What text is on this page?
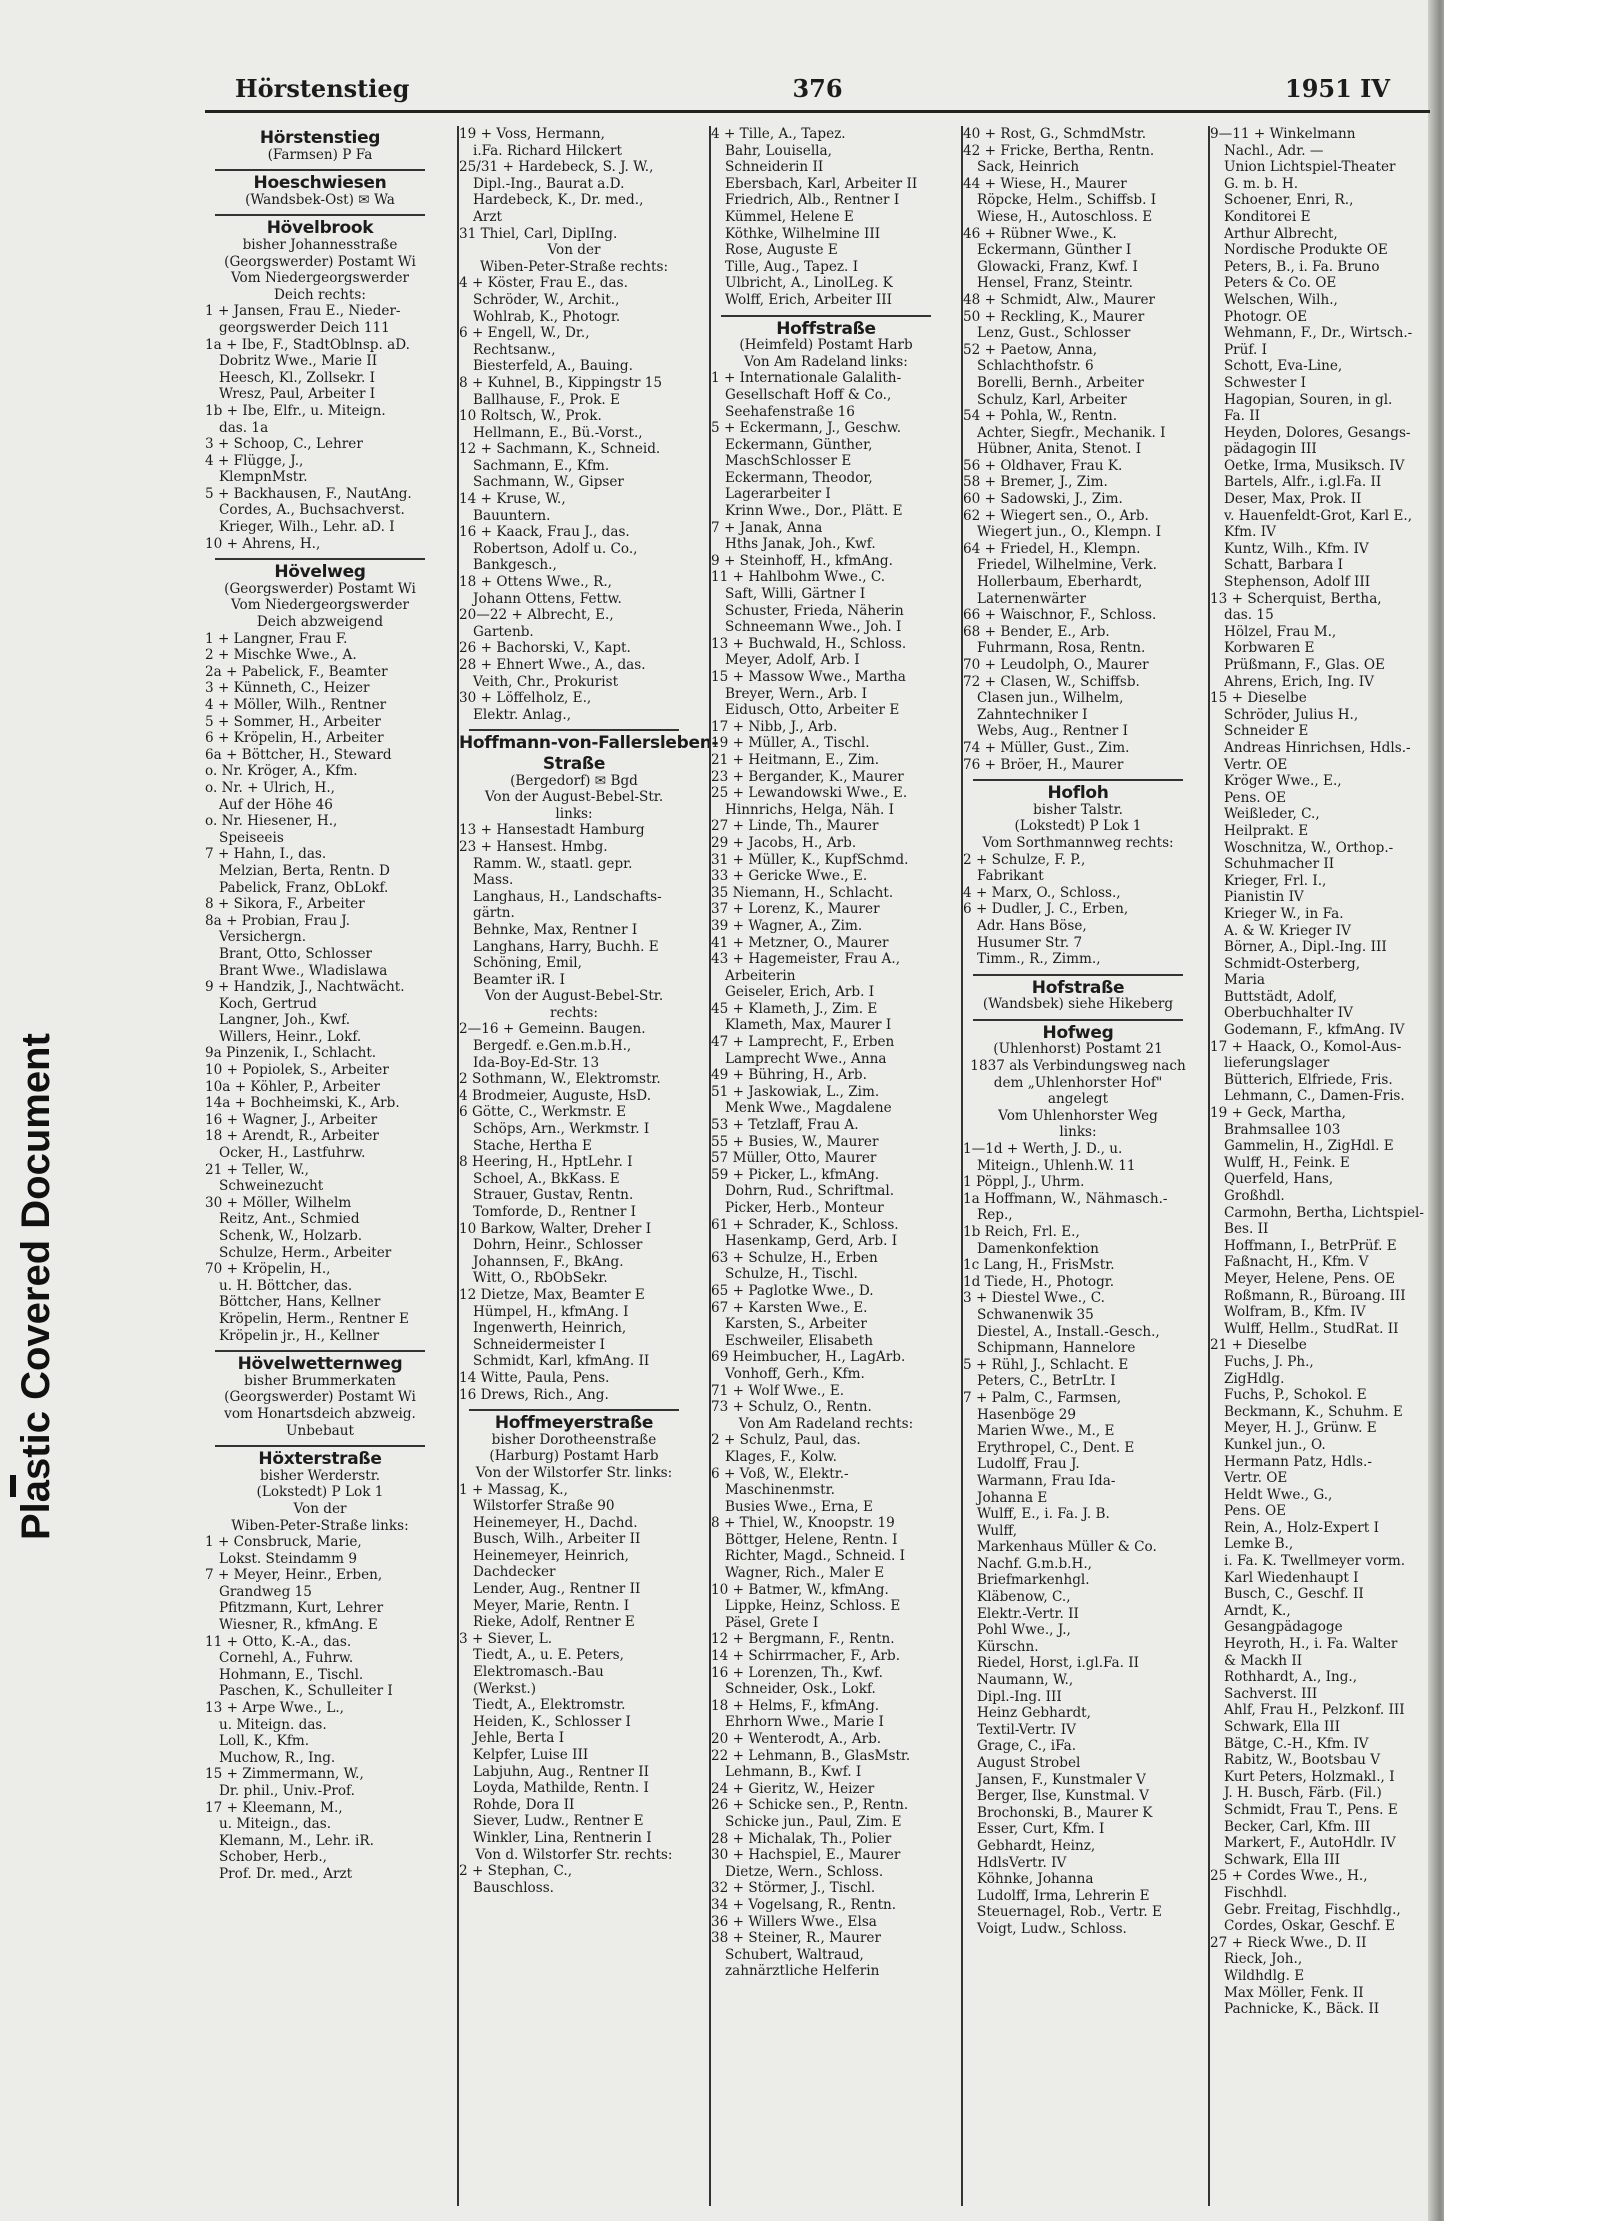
Plastic Covered Document
Hörstenstieg	376	1951 IV
Hörstenstieg
(Farmsen) P Fa
Hoeschwiesen
(Wandsbek-Ost) ✉ Wa
Hövelbrook
bisher Johannesstraße
(Georgswerder) Postamt Wi
Vom Niedergeorgswerder
Deich rechts:
1 + Jansen, Frau E., Nieder-
georgswerder Deich 111
1a + Ibe, F., StadtOblnsp. aD.
Dobritz Wwe., Marie II
Heesch, Kl., Zollsekr. I
Wresz, Paul, Arbeiter I
1b + Ibe, Elfr., u. Miteign.
das. 1a
3 + Schoop, C., Lehrer
4 + Flügge, J.,
KlempnMstr.
5 + Backhausen, F., NautAng.
Cordes, A., Buchsachverst.
Krieger, Wilh., Lehr. aD. I
10 + Ahrens, H.,
Hövelweg
(Georgswerder) Postamt Wi
Vom Niedergeorgswerder
Deich abzweigend
1 + Langner, Frau F.
2 + Mischke Wwe., A.
2a + Pabelick, F., Beamter
3 + Künneth, C., Heizer
4 + Möller, Wilh., Rentner
5 + Sommer, H., Arbeiter
6 + Kröpelin, H., Arbeiter
6a + Böttcher, H., Steward
o. Nr. Kröger, A., Kfm.
o. Nr. + Ulrich, H.,
Auf der Höhe 46
o. Nr. Hiesener, H.,
Speiseeis
7 + Hahn, I., das.
Melzian, Berta, Rentn. D
Pabelick, Franz, ObLokf.
8 + Sikora, F., Arbeiter
8a + Probian, Frau J.
Versichergn.
Brant, Otto, Schlosser
Brant Wwe., Wladislawa
9 + Handzik, J., Nachtwächt.
Koch, Gertrud
Langner, Joh., Kwf.
Willers, Heinr., Lokf.
9a Pinzenik, I., Schlacht.
10 + Popiolek, S., Arbeiter
10a + Köhler, P., Arbeiter
14a + Bochheimski, K., Arb.
16 + Wagner, J., Arbeiter
18 + Arendt, R., Arbeiter
Ocker, H., Lastfuhrw.
21 + Teller, W.,
Schweinezucht
30 + Möller, Wilhelm
Reitz, Ant., Schmied
Schenk, W., Holzarb.
Schulze, Herm., Arbeiter
70 + Kröpelin, H.,
u. H. Böttcher, das.
Böttcher, Hans, Kellner
Kröpelin, Herm., Rentner E
Kröpelin jr., H., Kellner
Hövelwetternweg
bisher Brummerkaten
(Georgswerder) Postamt Wi
vom Honartsdeich abzweig.
Unbebaut
Höxterstraße
bisher Werderstr.
(Lokstedt) P Lok 1
Von der
Wiben-Peter-Straße links:
1 + Consbruck, Marie,
Lokst. Steindamm 9
7 + Meyer, Heinr., Erben,
Grandweg 15
Pfitzmann, Kurt, Lehrer
Wiesner, R., kfmAng. E
11 + Otto, K.-A., das.
Cornehl, A., Fuhrw.
Hohmann, E., Tischl.
Paschen, K., Schulleiter I
13 + Arpe Wwe., L.,
u. Miteign. das.
Loll, K., Kfm.
Muchow, R., Ing.
15 + Zimmermann, W.,
Dr. phil., Univ.-Prof.
17 + Kleemann, M.,
u. Miteign., das.
Klemann, M., Lehr. iR.
Schober, Herb.,
Prof. Dr. med., Arzt
19 + Voss, Hermann,
i.Fa. Richard Hilckert
25/31 + Hardebeck, S. J. W.,
Dipl.-Ing., Baurat a.D.
Hardebeck, K., Dr. med.,
Arzt
31 Thiel, Carl, DiplIng.
Von der
Wiben-Peter-Straße rechts:
4 + Köster, Frau E., das.
Schröder, W., Archit.,
Wohlrab, K., Photogr.
6 + Engell, W., Dr.,
Rechtsanw.,
Biesterfeld, A., Bauing.
8 + Kuhnel, B., Kippingstr 15
Ballhause, F., Prok. E
10 Roltsch, W., Prok.
Hellmann, E., Bü.-Vorst.,
12 + Sachmann, K., Schneid.
Sachmann, E., Kfm.
Sachmann, W., Gipser
14 + Kruse, W.,
Bauuntern.
16 + Kaack, Frau J., das.
Robertson, Adolf u. Co.,
Bankgesch.,
18 + Ottens Wwe., R.,
Johann Ottens, Fettw.
20—22 + Albrecht, E.,
Gartenb.
26 + Bachorski, V., Kapt.
28 + Ehnert Wwe., A., das.
Veith, Chr., Prokurist
30 + Löffelholz, E.,
Elektr. Anlag.,
Hoffmann-von-Fallersleben-
Straße
(Bergedorf) ✉ Bgd
Von der August-Bebel-Str.
links:
13 + Hansestadt Hamburg
23 + Hansest. Hmbg.
Ramm. W., staatl. gepr.
Mass.
Langhaus, H., Landschafts-
gärtn.
Behnke, Max, Rentner I
Langhans, Harry, Buchh. E
Schöning, Emil,
Beamter iR. I
Von der August-Bebel-Str.
rechts:
2—16 + Gemeinn. Baugen.
Bergedf. e.Gen.m.b.H.,
Ida-Boy-Ed-Str. 13
2 Sothmann, W., Elektromstr.
4 Brodmeier, Auguste, HsD.
6 Götte, C., Werkmstr. E
Schöps, Arn., Werkmstr. I
Stache, Hertha E
8 Heering, H., HptLehr. I
Schoel, A., BkKass. E
Strauer, Gustav, Rentn.
Tomforde, D., Rentner I
10 Barkow, Walter, Dreher I
Dohrn, Heinr., Schlosser
Johannsen, F., BkAng.
Witt, O., RbObSekr.
12 Dietze, Max, Beamter E
Hümpel, H., kfmAng. I
Ingenwerth, Heinrich,
Schneidermeister I
Schmidt, Karl, kfmAng. II
14 Witte, Paula, Pens.
16 Drews, Rich., Ang.
Hoffmeyerstraße
bisher Dorotheenstraße
(Harburg) Postamt Harb
Von der Wilstorfer Str. links:
1 + Massag, K.,
Wilstorfer Straße 90
Heinemeyer, H., Dachd.
Busch, Wilh., Arbeiter II
Heinemeyer, Heinrich,
Dachdecker
Lender, Aug., Rentner II
Meyer, Marie, Rentn. I
Rieke, Adolf, Rentner E
3 + Siever, L.
Tiedt, A., u. E. Peters,
Elektromasch.-Bau
(Werkst.)
Tiedt, A., Elektromstr.
Heiden, K., Schlosser I
Jehle, Berta I
Kelpfer, Luise III
Labjuhn, Aug., Rentner II
Loyda, Mathilde, Rentn. I
Rohde, Dora II
Siever, Ludw., Rentner E
Winkler, Lina, Rentnerin I
Von d. Wilstorfer Str. rechts:
2 + Stephan, C.,
Bauschloss.
4 + Tille, A., Tapez.
Bahr, Louisella,
Schneiderin II
Ebersbach, Karl, Arbeiter II
Friedrich, Alb., Rentner I
Kümmel, Helene E
Köthke, Wilhelmine III
Rose, Auguste E
Tille, Aug., Tapez. I
Ulbricht, A., LinolLeg. K
Wolff, Erich, Arbeiter III
Hoffstraße
(Heimfeld) Postamt Harb
Von Am Radeland links:
1 + Internationale Galalith-
Gesellschaft Hoff & Co.,
Seehafenstraße 16
5 + Eckermann, J., Geschw.
Eckermann, Günther,
MaschSchlosser E
Eckermann, Theodor,
Lagerarbeiter I
Krinn Wwe., Dor., Plätt. E
7 + Janak, Anna
Hths Janak, Joh., Kwf.
9 + Steinhoff, H., kfmAng.
11 + Hahlbohm Wwe., C.
Saft, Willi, Gärtner I
Schuster, Frieda, Näherin
Schneemann Wwe., Joh. I
13 + Buchwald, H., Schloss.
Meyer, Adolf, Arb. I
15 + Massow Wwe., Martha
Breyer, Wern., Arb. I
Eidusch, Otto, Arbeiter E
17 + Nibb, J., Arb.
19 + Müller, A., Tischl.
21 + Heitmann, E., Zim.
23 + Bergander, K., Maurer
25 + Lewandowski Wwe., E.
Hinnrichs, Helga, Näh. I
27 + Linde, Th., Maurer
29 + Jacobs, H., Arb.
31 + Müller, K., KupfSchmd.
33 + Gericke Wwe., E.
35 Niemann, H., Schlacht.
37 + Lorenz, K., Maurer
39 + Wagner, A., Zim.
41 + Metzner, O., Maurer
43 + Hagemeister, Frau A.,
Arbeiterin
Geiseler, Erich, Arb. I
45 + Klameth, J., Zim. E
Klameth, Max, Maurer I
47 + Lamprecht, F., Erben
Lamprecht Wwe., Anna
49 + Bühring, H., Arb.
51 + Jaskowiak, L., Zim.
Menk Wwe., Magdalene
53 + Tetzlaff, Frau A.
55 + Busies, W., Maurer
57 Müller, Otto, Maurer
59 + Picker, L., kfmAng.
Dohrn, Rud., Schriftmal.
Picker, Herb., Monteur
61 + Schrader, K., Schloss.
Hasenkamp, Gerd, Arb. I
63 + Schulze, H., Erben
Schulze, H., Tischl.
65 + Paglotke Wwe., D.
67 + Karsten Wwe., E.
Karsten, S., Arbeiter
Eschweiler, Elisabeth
69 Heimbucher, H., LagArb.
Vonhoff, Gerh., Kfm.
71 + Wolf Wwe., E.
73 + Schulz, O., Rentn.
Von Am Radeland rechts:
2 + Schulz, Paul, das.
Klages, F., Kolw.
6 + Voß, W., Elektr.-
Maschinenmstr.
Busies Wwe., Erna, E
8 + Thiel, W., Knoopstr. 19
Böttger, Helene, Rentn. I
Richter, Magd., Schneid. I
Wagner, Rich., Maler E
10 + Batmer, W., kfmAng.
Lippke, Heinz, Schloss. E
Päsel, Grete I
12 + Bergmann, F., Rentn.
14 + Schirrmacher, F., Arb.
16 + Lorenzen, Th., Kwf.
Schneider, Osk., Lokf.
18 + Helms, F., kfmAng.
Ehrhorn Wwe., Marie I
20 + Wenterodt, A., Arb.
22 + Lehmann, B., GlasMstr.
Lehmann, B., Kwf. I
24 + Gieritz, W., Heizer
26 + Schicke sen., P., Rentn.
Schicke jun., Paul, Zim. E
28 + Michalak, Th., Polier
30 + Hachspiel, E., Maurer
Dietze, Wern., Schloss.
32 + Störmer, J., Tischl.
34 + Vogelsang, R., Rentn.
36 + Willers Wwe., Elsa
38 + Steiner, R., Maurer
Schubert, Waltraud,
zahnärztliche Helferin
40 + Rost, G., SchmdMstr.
42 + Fricke, Bertha, Rentn.
Sack, Heinrich
44 + Wiese, H., Maurer
Röpcke, Helm., Schiffsb. I
Wiese, H., Autoschloss. E
46 + Rübner Wwe., K.
Eckermann, Günther I
Glowacki, Franz, Kwf. I
Hensel, Franz, Steintr.
48 + Schmidt, Alw., Maurer
50 + Reckling, K., Maurer
Lenz, Gust., Schlosser
52 + Paetow, Anna,
Schlachthofstr. 6
Borelli, Bernh., Arbeiter
Schulz, Karl, Arbeiter
54 + Pohla, W., Rentn.
Achter, Siegfr., Mechanik. I
Hübner, Anita, Stenot. I
56 + Oldhaver, Frau K.
58 + Bremer, J., Zim.
60 + Sadowski, J., Zim.
62 + Wiegert sen., O., Arb.
Wiegert jun., O., Klempn. I
64 + Friedel, H., Klempn.
Friedel, Wilhelmine, Verk.
Hollerbaum, Eberhardt,
Laternenwärter
66 + Waischnor, F., Schloss.
68 + Bender, E., Arb.
Fuhrmann, Rosa, Rentn.
70 + Leudolph, O., Maurer
72 + Clasen, W., Schiffsb.
Clasen jun., Wilhelm,
Zahntechniker I
Webs, Aug., Rentner I
74 + Müller, Gust., Zim.
76 + Bröer, H., Maurer
Hofloh
bisher Talstr.
(Lokstedt) P Lok 1
Vom Sorthmannweg rechts:
2 + Schulze, F. P.,
Fabrikant
4 + Marx, O., Schloss.,
6 + Dudler, J. C., Erben,
Adr. Hans Böse,
Husumer Str. 7
Timm., R., Zimm.,
Hofstraße
(Wandsbek) siehe Hikeberg
Hofweg
(Uhlenhorst) Postamt 21
1837 als Verbindungsweg nach
dem „Uhlenhorster Hof"
angelegt
Vom Uhlenhorster Weg
links:
1—1d + Werth, J. D., u.
Miteign., Uhlenh.W. 11
1 Pöppl, J., Uhrm.
1a Hoffmann, W., Nähmasch.-
Rep.,
1b Reich, Frl. E.,
Damenkonfektion
1c Lang, H., FrisMstr.
1d Tiede, H., Photogr.
3 + Diestel Wwe., C.
Schwanenwik 35
Diestel, A., Install.-Gesch.,
Schipmann, Hannelore
5 + Rühl, J., Schlacht. E
Peters, C., BetrLtr. I
7 + Palm, C., Farmsen,
Hasenböge 29
Marien Wwe., M., E
Erythropel, C., Dent. E
Ludolff, Frau J.
Warmann, Frau Ida-
Johanna E
Wulff, E., i. Fa. J. B.
Wulff,
Markenhaus Müller & Co.
Nachf. G.m.b.H.,
Briefmarkenhgl.
Kläbenow, C.,
Elektr.-Vertr. II
Pohl Wwe., J.,
Kürschn.
Riedel, Horst, i.gl.Fa. II
Naumann, W.,
Dipl.-Ing. III
Heinz Gebhardt,
Textil-Vertr. IV
Grage, C., iFa.
August Strobel
Jansen, F., Kunstmaler V
Berger, Ilse, Kunstmal. V
Brochonski, B., Maurer K
Esser, Curt, Kfm. I
Gebhardt, Heinz,
HdlsVertr. IV
Köhnke, Johanna
Ludolff, Irma, Lehrerin E
Steuernagel, Rob., Vertr. E
Voigt, Ludw., Schloss.
9—11 + Winkelmann
Nachl., Adr. —
Union Lichtspiel-Theater
G. m. b. H.
Schoener, Enri, R.,
Konditorei E
Arthur Albrecht,
Nordische Produkte OE
Peters, B., i. Fa. Bruno
Peters & Co. OE
Welschen, Wilh.,
Photogr. OE
Wehmann, F., Dr., Wirtsch.-
Prüf. I
Schott, Eva-Line,
Schwester I
Hagopian, Souren, in gl.
Fa. II
Heyden, Dolores, Gesangs-
pädagogin III
Oetke, Irma, Musiksch. IV
Bartels, Alfr., i.gl.Fa. II
Deser, Max, Prok. II
v. Hauenfeldt-Grot, Karl E.,
Kfm. IV
Kuntz, Wilh., Kfm. IV
Schatt, Barbara I
Stephenson, Adolf III
13 + Scherquist, Bertha,
das. 15
Hölzel, Frau M.,
Korbwaren E
Prüßmann, F., Glas. OE
Ahrens, Erich, Ing. IV
15 + Dieselbe
Schröder, Julius H.,
Schneider E
Andreas Hinrichsen, Hdls.-
Vertr. OE
Kröger Wwe., E.,
Pens. OE
Weißleder, C.,
Heilprakt. E
Woschnitza, W., Orthop.-
Schuhmacher II
Krieger, Frl. I.,
Pianistin IV
Krieger W., in Fa.
A. & W. Krieger IV
Börner, A., Dipl.-Ing. III
Schmidt-Osterberg,
Maria
Buttstädt, Adolf,
Oberbuchhalter IV
Godemann, F., kfmAng. IV
17 + Haack, O., Komol-Aus-
lieferungslager
Bütterich, Elfriede, Fris.
Lehmann, C., Damen-Fris.
19 + Geck, Martha,
Brahmsallee 103
Gammelin, H., ZigHdl. E
Wulff, H., Feink. E
Querfeld, Hans,
Großhdl.
Carmohn, Bertha, Lichtspiel-
Bes. II
Hoffmann, I., BetrPrüf. E
Faßnacht, H., Kfm. V
Meyer, Helene, Pens. OE
Roßmann, R., Büroang. III
Wolfram, B., Kfm. IV
Wulff, Hellm., StudRat. II
21 + Dieselbe
Fuchs, J. Ph.,
ZigHdlg.
Fuchs, P., Schokol. E
Beckmann, K., Schuhm. E
Meyer, H. J., Grünw. E
Kunkel jun., O.
Hermann Patz, Hdls.-
Vertr. OE
Heldt Wwe., G.,
Pens. OE
Rein, A., Holz-Expert I
Lemke B.,
i. Fa. K. Twellmeyer vorm.
Karl Wiedenhaupt I
Busch, C., Geschf. II
Arndt, K.,
Gesangpädagoge
Heyroth, H., i. Fa. Walter
& Mackh II
Rothhardt, A., Ing.,
Sachverst. III
Ahlf, Frau H., Pelzkonf. III
Schwark, Ella III
Bätge, C.-H., Kfm. IV
Rabitz, W., Bootsbau V
Kurt Peters, Holzmakl., I
J. H. Busch, Färb. (Fil.)
Schmidt, Frau T., Pens. E
Becker, Carl, Kfm. III
Markert, F., AutoHdlr. IV
Schwark, Ella III
25 + Cordes Wwe., H.,
Fischhdl.
Gebr. Freitag, Fischhdlg.,
Cordes, Oskar, Geschf. E
27 + Rieck Wwe., D. II
Rieck, Joh.,
Wildhdlg. E
Max Möller, Fenk. II
Pachnicke, K., Bäck. II
